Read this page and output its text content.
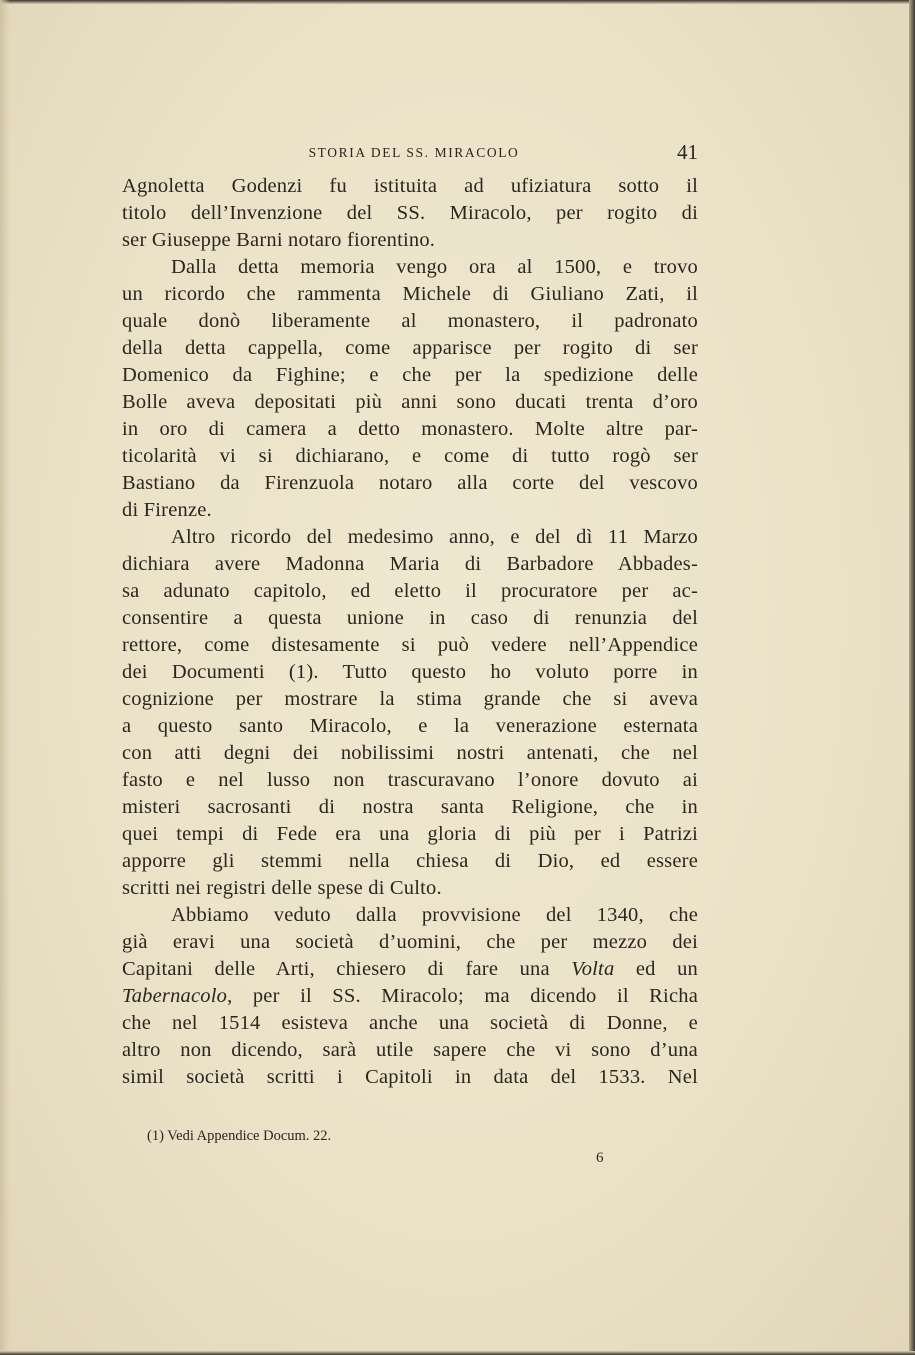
STORIA DEL SS. MIRACOLO	41
Agnoletta Godenzi fu istituita ad ufiziatura sotto il
titolo dell’Invenzione del SS. Miracolo, per rogito di
ser Giuseppe Barni notaro fiorentino.
Dalla detta memoria vengo ora al 1500, e trovo
un ricordo che rammenta Michele di Giuliano Zati, il
quale donò liberamente al monastero, il padronato
della detta cappella, come apparisce per rogito di ser
Domenico da Fighine; e che per la spedizione delle
Bolle aveva depositati più anni sono ducati trenta d’oro
in oro di camera a detto monastero. Molte altre par-
ticolarità vi si dichiarano, e come di tutto rogò ser
Bastiano da Firenzuola notaro alla corte del vescovo
di Firenze.
Altro ricordo del medesimo anno, e del dì 11 Marzo
dichiara avere Madonna Maria di Barbadore Abbades-
sa adunato capitolo, ed eletto il procuratore per ac-
consentire a questa unione in caso di renunzia del
rettore, come distesamente si può vedere nell’Appendice
dei Documenti (1). Tutto questo ho voluto porre in
cognizione per mostrare la stima grande che si aveva
a questo santo Miracolo, e la venerazione esternata
con atti degni dei nobilissimi nostri antenati, che nel
fasto e nel lusso non trascuravano l’onore dovuto ai
misteri sacrosanti di nostra santa Religione, che in
quei tempi di Fede era una gloria di più per i Patrizi
apporre gli stemmi nella chiesa di Dio, ed essere
scritti nei registri delle spese di Culto.
Abbiamo veduto dalla provvisione del 1340, che
già eravi una società d’uomini, che per mezzo dei
Capitani delle Arti, chiesero di fare una Volta ed un
Tabernacolo, per il SS. Miracolo; ma dicendo il Richa
che nel 1514 esisteva anche una società di Donne, e
altro non dicendo, sarà utile sapere che vi sono d’una
simil società scritti i Capitoli in data del 1533. Nel
(1) Vedi Appendice Docum. 22.
6
